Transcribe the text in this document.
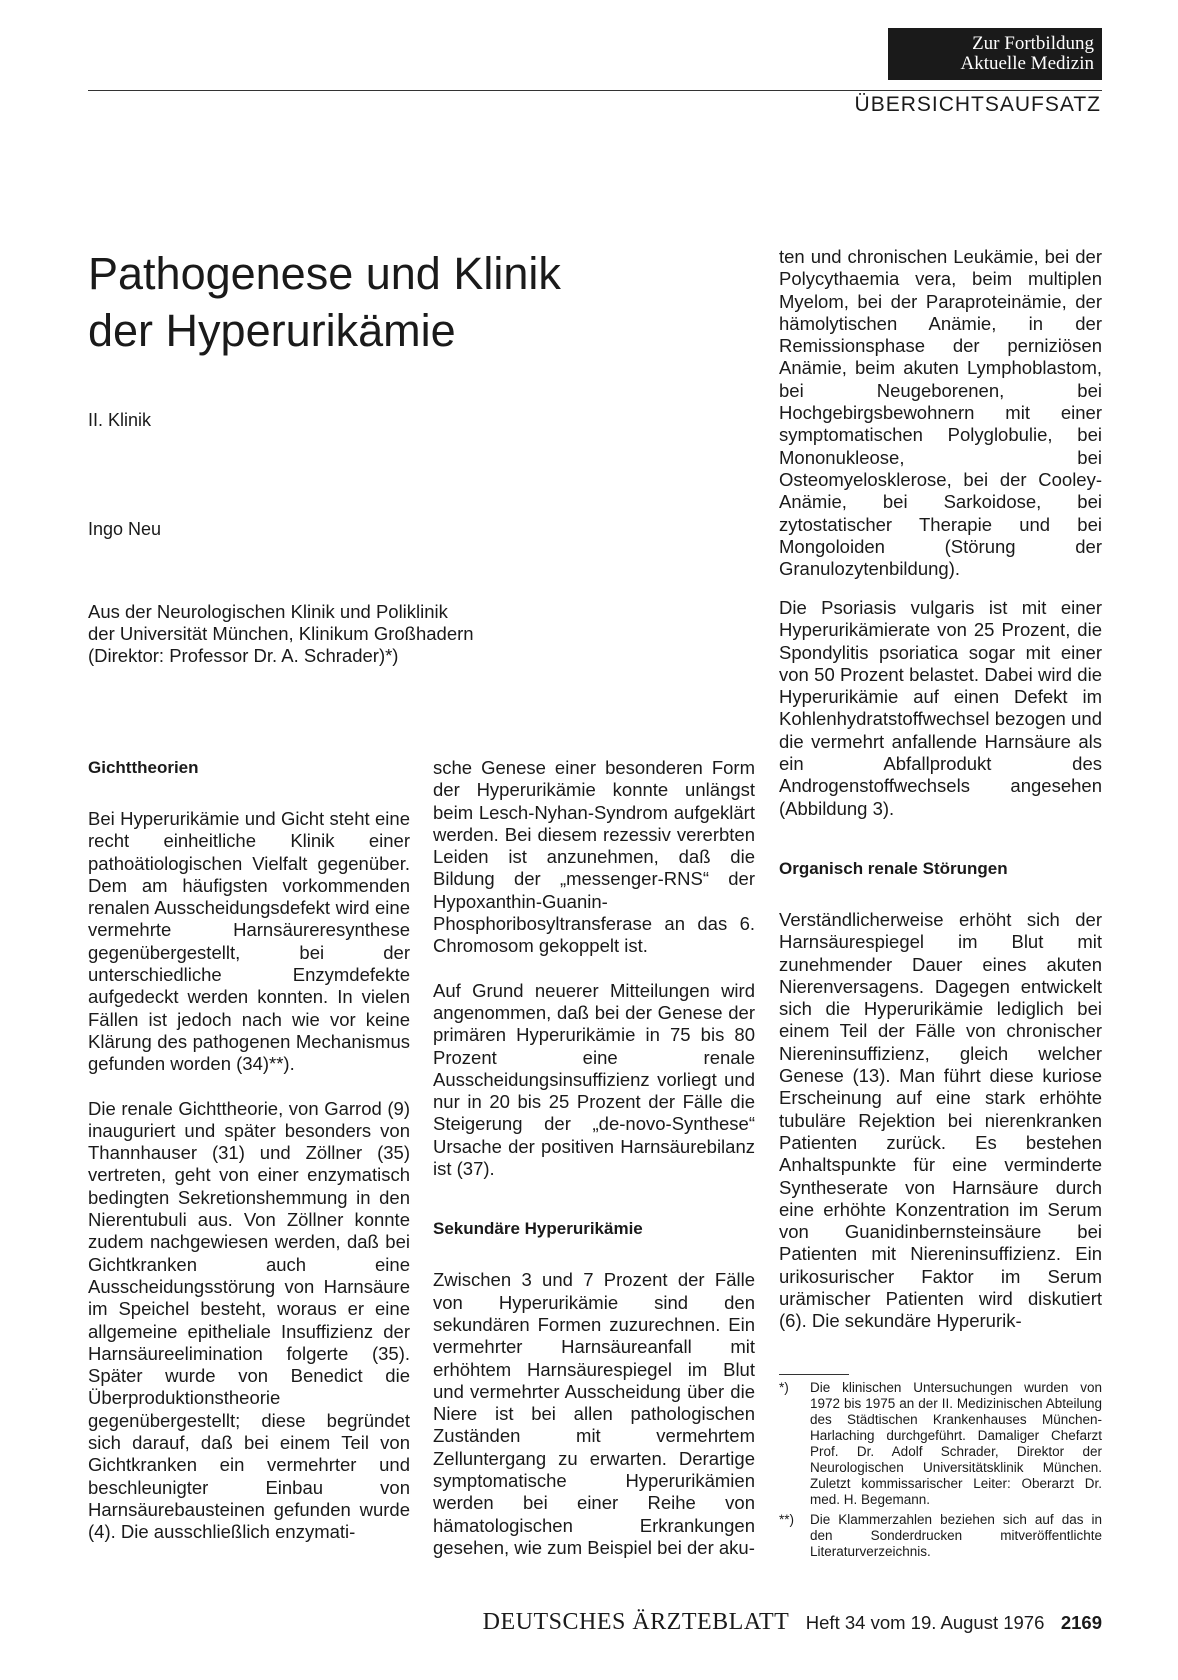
Zur Fortbildung
Aktuelle Medizin
ÜBERSICHTSAUFSATZ
Pathogenese und Klinik
der Hyperurikämie
II. Klinik
Ingo Neu
Aus der Neurologischen Klinik und Poliklinik
der Universität München, Klinikum Großhadern
(Direktor: Professor Dr. A. Schrader)*)
Gichttheorien

Bei Hyperurikämie und Gicht steht eine recht einheitliche Klinik einer pathoätiologischen Vielfalt gegenüber. Dem am häufigsten vorkommenden renalen Ausscheidungsdefekt wird eine vermehrte Harnsäureresynthese gegenübergestellt, bei der unterschiedliche Enzymdefekte aufgedeckt werden konnten. In vielen Fällen ist jedoch nach wie vor keine Klärung des pathogenen Mechanismus gefunden worden (34)**).

Die renale Gichttheorie, von Garrod (9) inauguriert und später besonders von Thannhauser (31) und Zöllner (35) vertreten, geht von einer enzymatisch bedingten Sekretionshemmung in den Nierentubuli aus. Von Zöllner konnte zudem nachgewiesen werden, daß bei Gichtkranken auch eine Ausscheidungsstörung von Harnsäure im Speichel besteht, woraus er eine allgemeine epitheliale Insuffizienz der Harnsäureelimination folgerte (35). Später wurde von Benedict die Überproduktionstheorie gegenübergestellt; diese begründet sich darauf, daß bei einem Teil von Gichtkranken ein vermehrter und beschleunigter Einbau von Harnsäurebausteinen gefunden wurde (4). Die ausschließlich enzymati-

sche Genese einer besonderen Form der Hyperurikämie konnte unlängst beim Lesch-Nyhan-Syndrom aufgeklärt werden. Bei diesem rezessiv vererbten Leiden ist anzunehmen, daß die Bildung der „messenger-RNS“ der Hypoxanthin-Guanin-Phosphoribosyltransferase an das 6. Chromosom gekoppelt ist.

Auf Grund neuerer Mitteilungen wird angenommen, daß bei der Genese der primären Hyperurikämie in 75 bis 80 Prozent eine renale Ausscheidungsinsuffizienz vorliegt und nur in 20 bis 25 Prozent der Fälle die Steigerung der „de-novo-Synthese“ Ursache der positiven Harnsäurebilanz ist (37).

Sekundäre Hyperurikämie

Zwischen 3 und 7 Prozent der Fälle von Hyperurikämie sind den sekundären Formen zuzurechnen. Ein vermehrter Harnsäureanfall mit erhöhtem Harnsäurespiegel im Blut und vermehrter Ausscheidung über die Niere ist bei allen pathologischen Zuständen mit vermehrtem Zelluntergang zu erwarten. Derartige symptomatische Hyperurikämien werden bei einer Reihe von hämatologischen Erkrankungen gesehen, wie zum Beispiel bei der aku-

ten und chronischen Leukämie, bei der Polycythaemia vera, beim multiplen Myelom, bei der Paraproteinämie, der hämolytischen Anämie, in der Remissionsphase der perniziösen Anämie, beim akuten Lymphoblastom, bei Neugeborenen, bei Hochgebirgsbewohnern mit einer symptomatischen Polyglobulie, bei Mononukleose, bei Osteomyelosklerose, bei der Cooley-Anämie, bei Sarkoidose, bei zytostatischer Therapie und bei Mongoloiden (Störung der Granulozytenbildung).

Die Psoriasis vulgaris ist mit einer Hyperurikämierate von 25 Prozent, die Spondylitis psoriatica sogar mit einer von 50 Prozent belastet. Dabei wird die Hyperurikämie auf einen Defekt im Kohlenhydratstoffwechsel bezogen und die vermehrt anfallende Harnsäure als ein Abfallprodukt des Androgenstoffwechsels angesehen (Abbildung 3).

Organisch renale Störungen

Verständlicherweise erhöht sich der Harnsäurespiegel im Blut mit zunehmender Dauer eines akuten Nierenversagens. Dagegen entwickelt sich die Hyperurikämie lediglich bei einem Teil der Fälle von chronischer Niereninsuffizienz, gleich welcher Genese (13). Man führt diese kuriose Erscheinung auf eine stark erhöhte tubuläre Rejektion bei nierenkranken Patienten zurück. Es bestehen Anhaltspunkte für eine verminderte Syntheserate von Harnsäure durch eine erhöhte Konzentration im Serum von Guanidinbernsteinsäure bei Patienten mit Niereninsuffizienz. Ein urikosurischer Faktor im Serum urämischer Patienten wird diskutiert (6). Die sekundäre Hyperurik-

*) Die klinischen Untersuchungen wurden von 1972 bis 1975 an der II. Medizinischen Abteilung des Städtischen Krankenhauses München-Harlaching durchgeführt. Damaliger Chefarzt Prof. Dr. Adolf Schrader, Direktor der Neurologischen Universitätsklinik München. Zuletzt kommissarischer Leiter: Oberarzt Dr. med. H. Begemann.
**) Die Klammerzahlen beziehen sich auf das in den Sonderdrucken mitveröffentlichte Literaturverzeichnis.
DEUTSCHES ÄRZTEBLATT Heft 34 vom 19. August 1976 2169
